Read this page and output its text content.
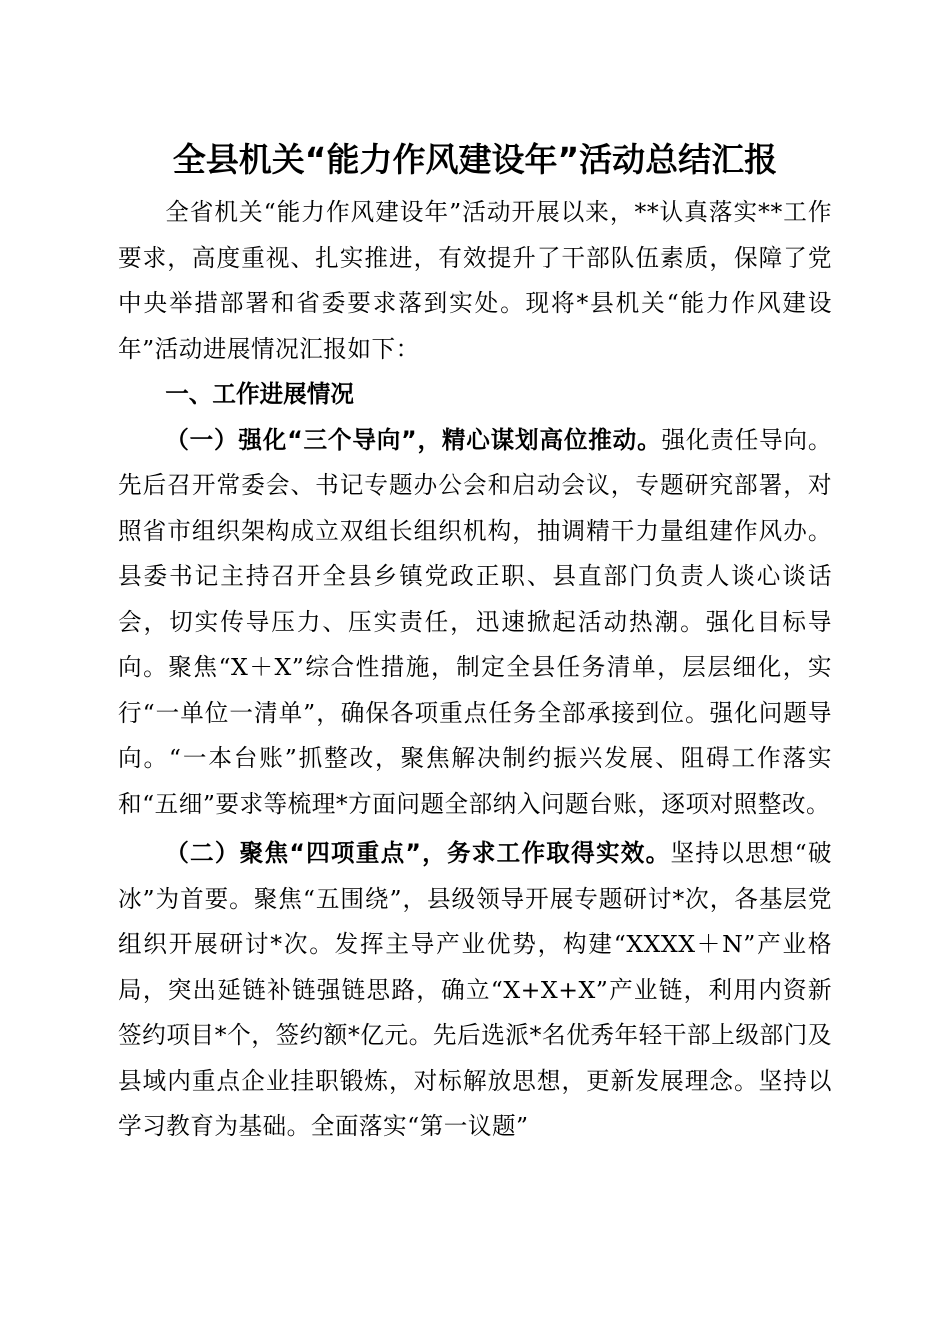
全县机关“能力作风建设年”活动总结汇报

全省机关“能力作风建设年”活动开展以来，**认真落实**工作要求，高度重视、扎实推进，有效提升了干部队伍素质，保障了党中央举措部署和省委要求落到实处。现将*县机关“能力作风建设年”活动进展情况汇报如下：

一、工作进展情况

（一）强化“三个导向”，精心谋划高位推动。强化责任导向。先后召开常委会、书记专题办公会和启动会议，专题研究部署，对照省市组织架构成立双组长组织机构，抽调精干力量组建作风办。县委书记主持召开全县乡镇党政正职、县直部门负责人谈心谈话会，切实传导压力、压实责任，迅速掀起活动热潮。强化目标导向。聚焦“X＋X”综合性措施，制定全县任务清单，层层细化，实行“一单位一清单”，确保各项重点任务全部承接到位。强化问题导向。“一本台账”抓整改，聚焦解决制约振兴发展、阻碍工作落实和“五细”要求等梳理*方面问题全部纳入问题台账，逐项对照整改。

（二）聚焦“四项重点”，务求工作取得实效。坚持以思想“破冰”为首要。聚焦“五围绕”，县级领导开展专题研讨*次，各基层党组织开展研讨*次。发挥主导产业优势，构建“XXXX＋N”产业格局，突出延链补链强链思路，确立“X+X+X”产业链，利用内资新签约项目*个，签约额*亿元。先后选派*名优秀年轻干部上级部门及县域内重点企业挂职锻炼，对标解放思想，更新发展理念。坚持以学习教育为基础。全面落实“第一议题”
